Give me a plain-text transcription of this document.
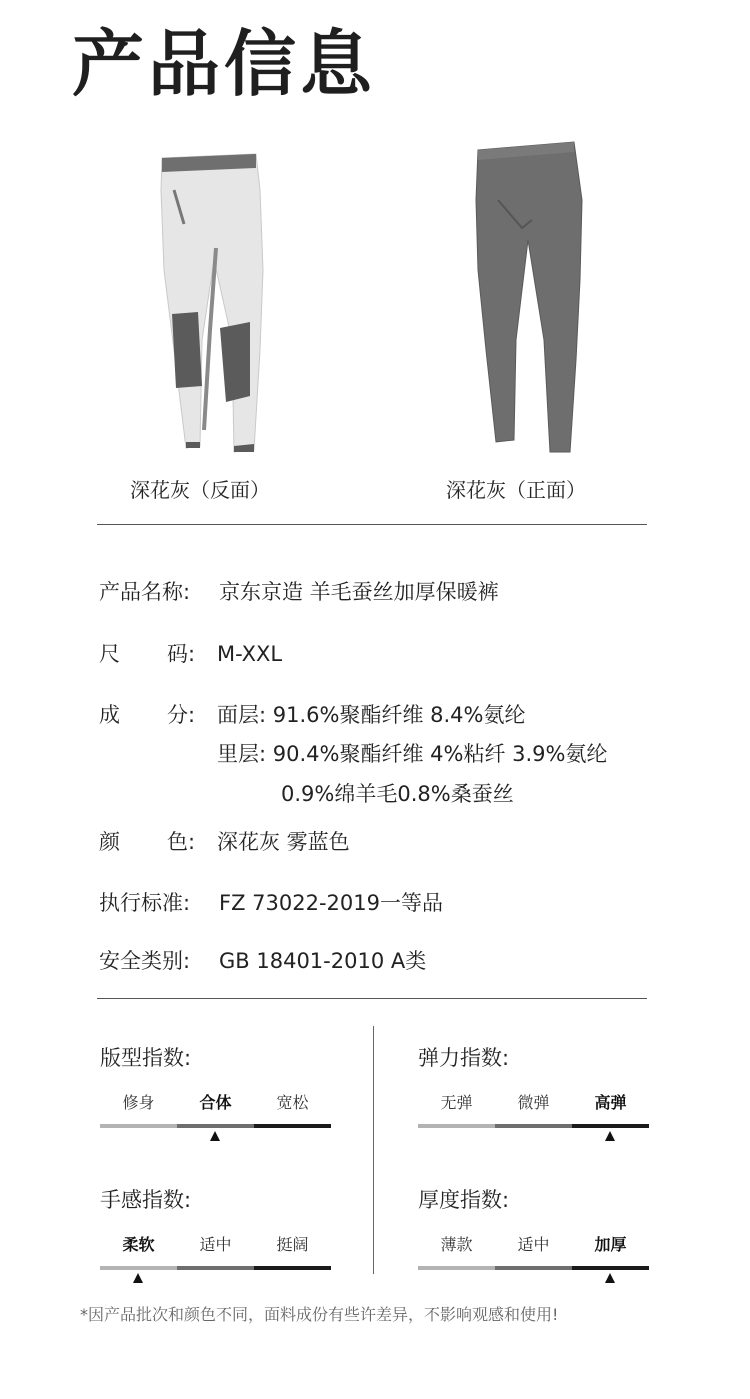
产品信息
深花灰（反面）	深花灰（正面）
产品名称: 京东京造 羊毛蚕丝加厚保暖裤
尺 码: M-XXL
成 分: 面层: 91.6%聚酯纤维 8.4%氨纶
里层: 90.4%聚酯纤维 4%粘纤 3.9%氨纶
0.9%绵羊毛0.8%桑蚕丝
颜 色: 深花灰 雾蓝色
执行标准: FZ 73022-2019一等品
安全类别: GB 18401-2010 A类
版型指数:
修身	合体	宽松
弹力指数:
无弹	微弹	高弹
手感指数:
柔软	适中	挺阔
厚度指数:
薄款	适中	加厚
*因产品批次和颜色不同，面料成份有些许差异，不影响观感和使用!
